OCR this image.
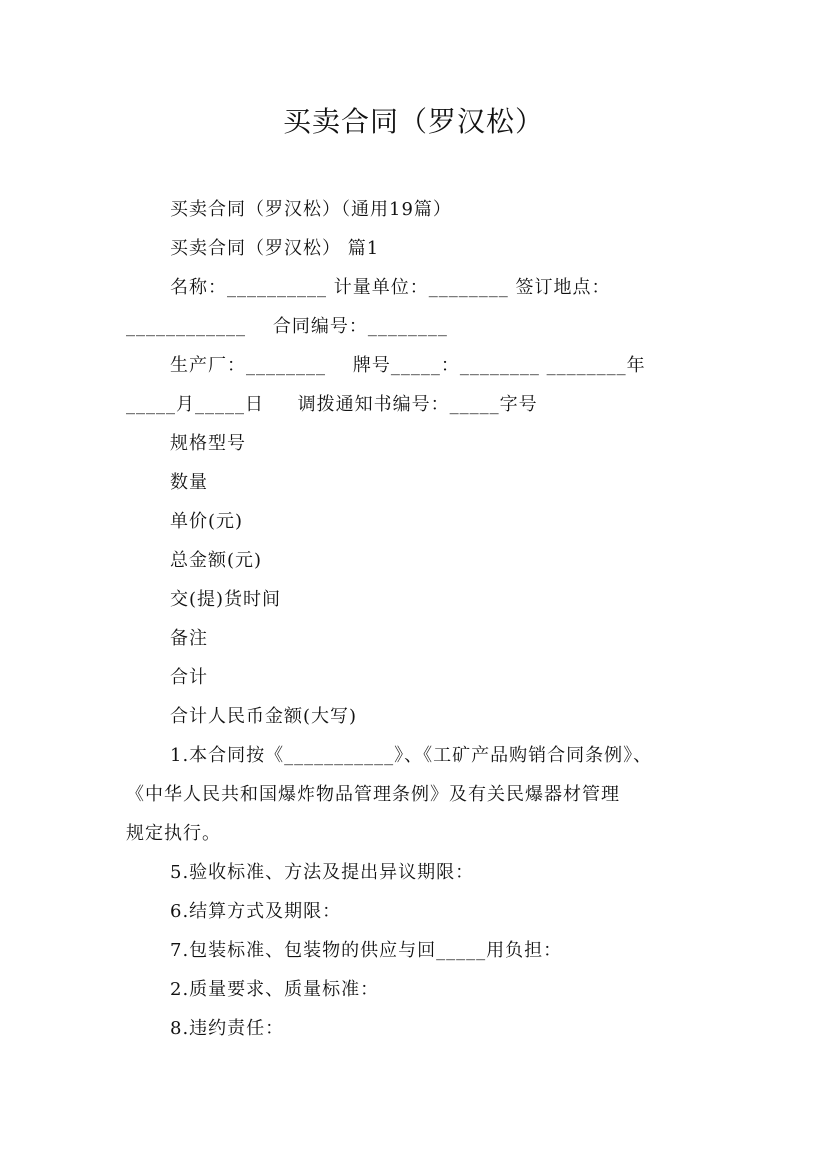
买卖合同（罗汉松）
买卖合同（罗汉松）（通用19篇）
买卖合同（罗汉松） 篇1
名称：__________ 计量单位：________ 签订地点：
____________    合同编号：________
生产厂：________    牌号_____：________ ________年
_____月_____日     调拨通知书编号：_____字号
规格型号
数量
单价(元)
总金额(元)
交(提)货时间
备注
合计
合计人民币金额(大写)
1.本合同按《___________》、《工矿产品购销合同条例》、
《中华人民共和国爆炸物品管理条例》及有关民爆器材管理
规定执行。
5.验收标准、方法及提出异议期限：
6.结算方式及期限：
7.包装标准、包装物的供应与回_____用负担：
2.质量要求、质量标准：
8.违约责任：
